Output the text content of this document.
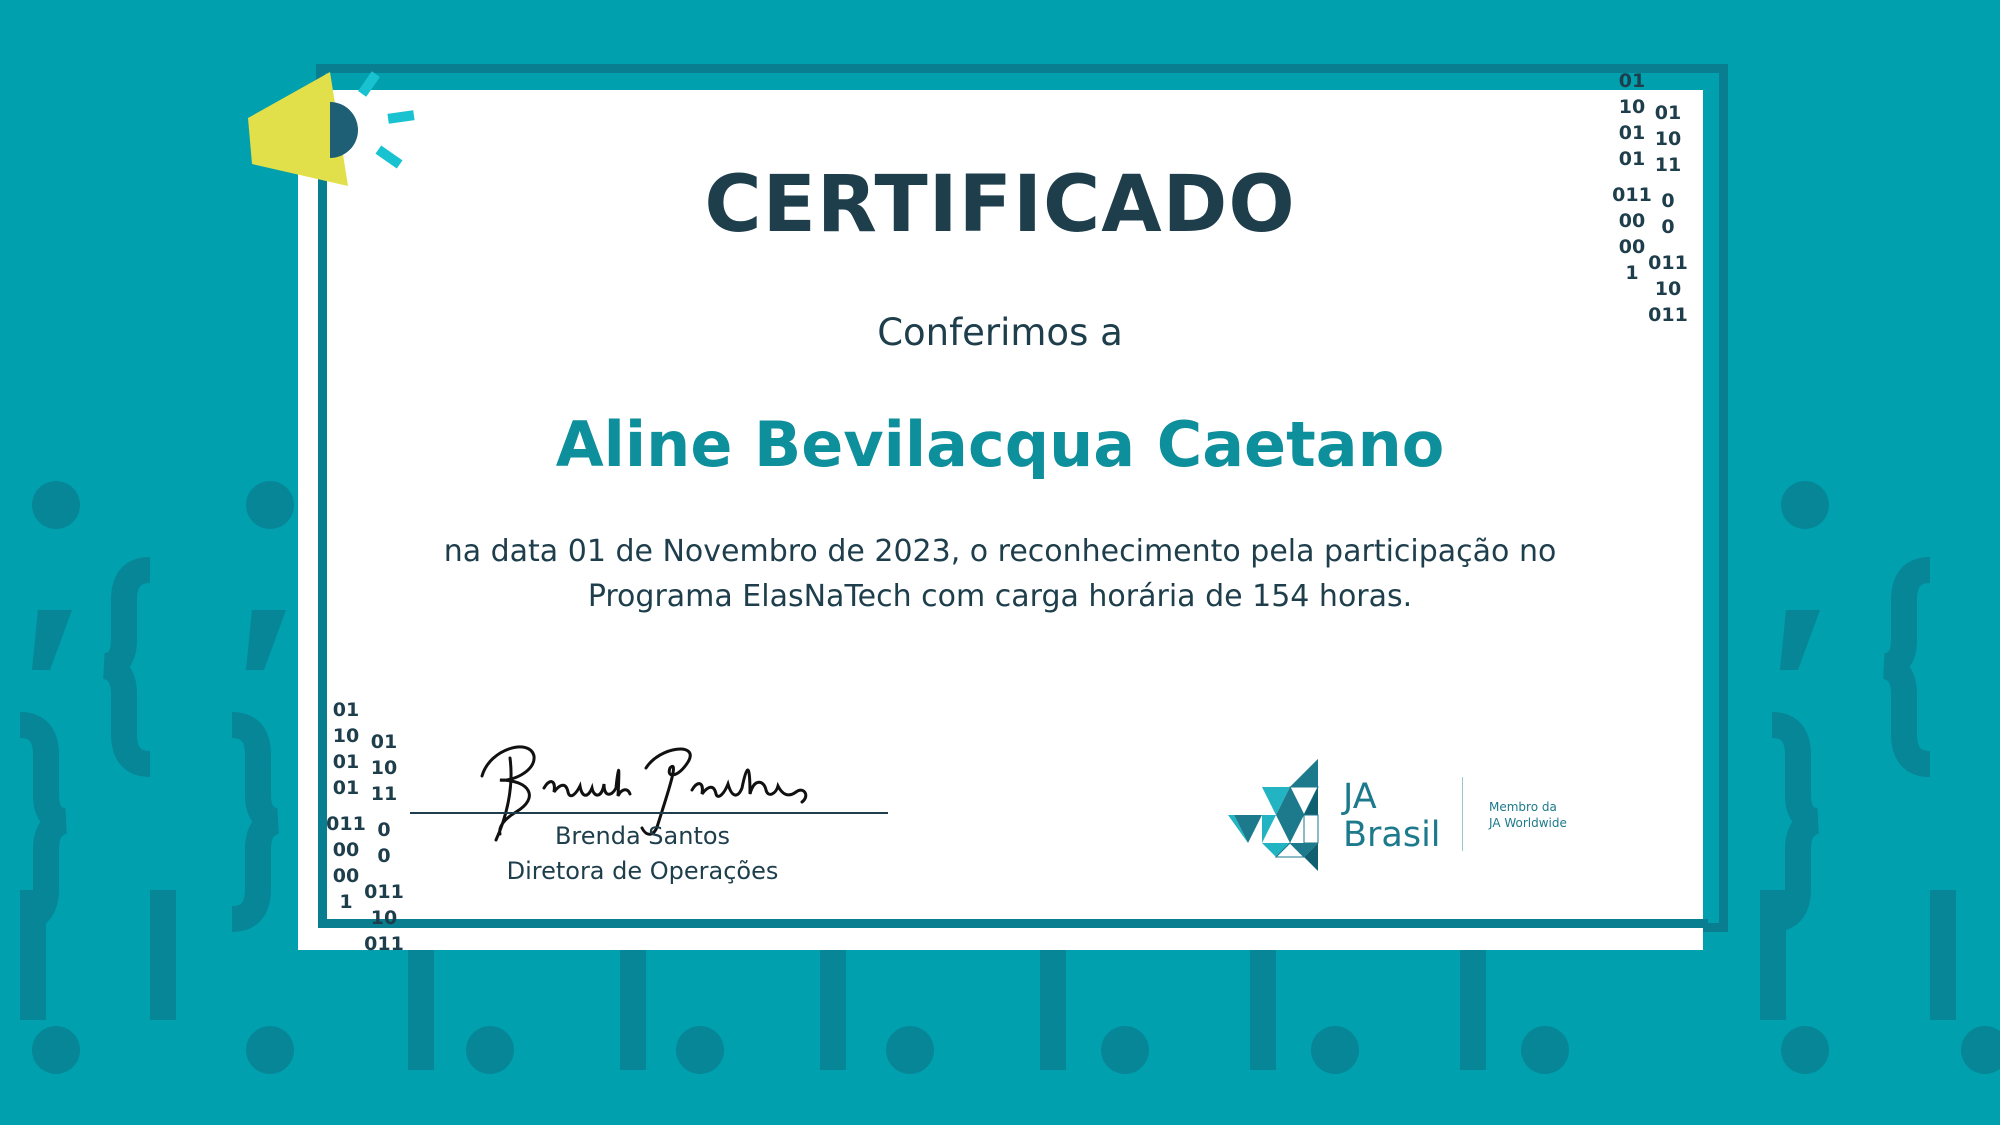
01
10
01
01
011
00
00
1
01
10
11
0
0
011
10
011
01
10
01
01
011
00
00
1
01
10
11
0
0
011
10
011
CERTIFICADO
Conferimos a
Aline Bevilacqua Caetano
na data 01 de Novembro de 2023, o reconhecimento pela participação no
Programa ElasNaTech com carga horária de 154 horas.
Brenda Santos
Diretora de Operações
JA
Brasil
Membro da
JA Worldwide
